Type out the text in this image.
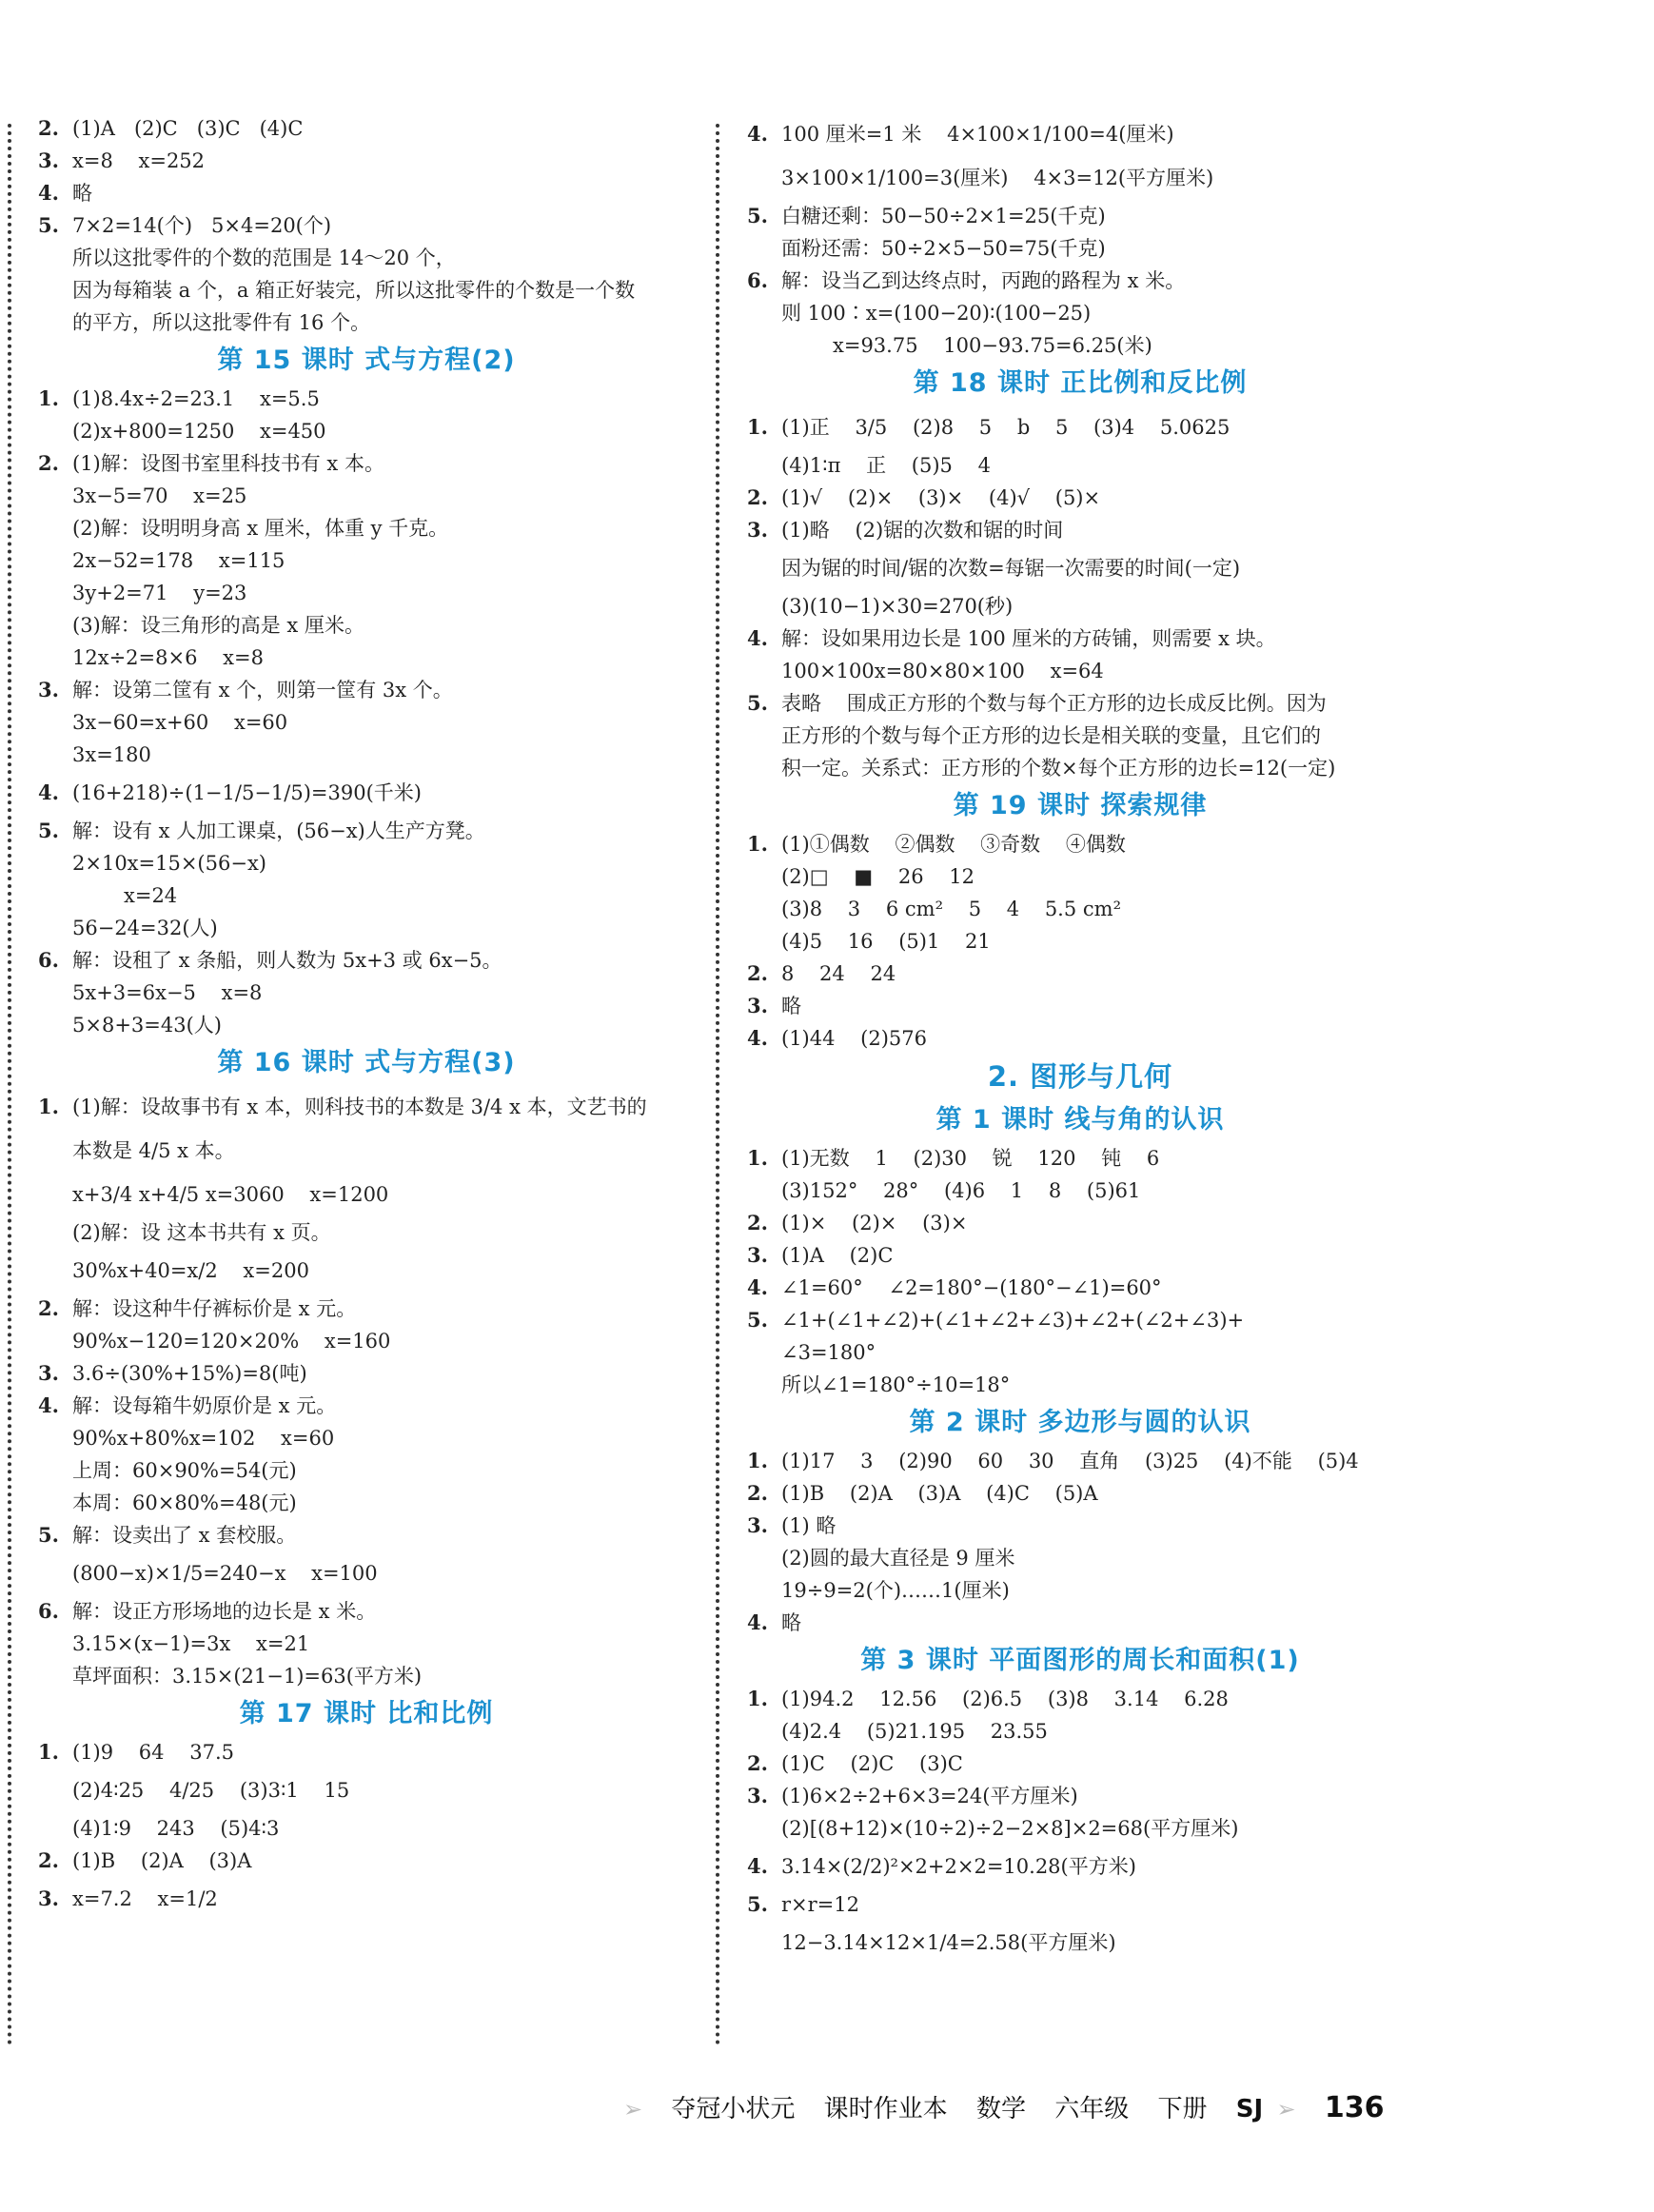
2. (1)A   (2)C   (3)C   (4)C
3. x=8    x=252
4. 略
5. 7×2=14(个)   5×4=20(个)
所以这批零件的个数的范围是 14～20 个，
因为每箱装 a 个，a 箱正好装完，所以这批零件的个数是一个数
的平方，所以这批零件有 16 个。
第 15 课时 式与方程(2)
1. (1)8.4x÷2=23.1    x=5.5
(2)x+800=1250    x=450
2. (1)解：设图书室里科技书有 x 本。
3x−5=70    x=25
(2)解：设明明身高 x 厘米，体重 y 千克。
2x−52=178    x=115
3y+2=71    y=23
(3)解：设三角形的高是 x 厘米。
12x÷2=8×6    x=8
3. 解：设第二筐有 x 个，则第一筐有 3x 个。
3x−60=x+60    x=60
3x=180
4. (16+218)÷(1−1/5−1/5)=390(千米)
5. 解：设有 x 人加工课桌，(56−x)人生产方凳。
2×10x=15×(56−x)
x=24
56−24=32(人)
6. 解：设租了 x 条船，则人数为 5x+3 或 6x−5。
5x+3=6x−5    x=8
5×8+3=43(人)
第 16 课时 式与方程(3)
1. (1)解：设故事书有 x 本，则科技书的本数是 3/4 x 本，文艺书的
本数是 4/5 x 本。
x+3/4 x+4/5 x=3060    x=1200
(2)解：设 这本书共有 x 页。
30%x+40=x/2    x=200
2. 解：设这种牛仔裤标价是 x 元。
90%x−120=120×20%    x=160
3. 3.6÷(30%+15%)=8(吨)
4. 解：设每箱牛奶原价是 x 元。
90%x+80%x=102    x=60
上周：60×90%=54(元)
本周：60×80%=48(元)
5. 解：设卖出了 x 套校服。
(800−x)×1/5=240−x    x=100
6. 解：设正方形场地的边长是 x 米。
3.15×(x−1)=3x    x=21
草坪面积：3.15×(21−1)=63(平方米)
第 17 课时 比和比例
1. (1)9    64    37.5
(2)4∶25    4/25    (3)3∶1    15
(4)1∶9    243    (5)4∶3
2. (1)B    (2)A    (3)A
3. x=7.2    x=1/2
4. 100 厘米=1 米    4×100×1/100=4(厘米)
3×100×1/100=3(厘米)    4×3=12(平方厘米)
5. 白糖还剩：50−50÷2×1=25(千克)
面粉还需：50÷2×5−50=75(千克)
6. 解：设当乙到达终点时，丙跑的路程为 x 米。
则 100∶x=(100−20)∶(100−25)
x=93.75    100−93.75=6.25(米)
第 18 课时 正比例和反比例
1. (1)正    3/5    (2)8    5    b    5    (3)4    5.0625
(4)1∶π    正    (5)5    4
2. (1)√    (2)×    (3)×    (4)√    (5)×
3. (1)略    (2)锯的次数和锯的时间
因为锯的时间/锯的次数=每锯一次需要的时间(一定)
(3)(10−1)×30=270(秒)
4. 解：设如果用边长是 100 厘米的方砖铺，则需要 x 块。
100×100x=80×80×100    x=64
5. 表略    围成正方形的个数与每个正方形的边长成反比例。因为
正方形的个数与每个正方形的边长是相关联的变量，且它们的
积一定。关系式：正方形的个数×每个正方形的边长=12(一定)
第 19 课时 探索规律
1. (1)①偶数    ②偶数    ③奇数    ④偶数
(2)□    ■    26    12
(3)8    3    6 cm²    5    4    5.5 cm²
(4)5    16    (5)1    21
2. 8    24    24
3. 略
4. (1)44    (2)576
2. 图形与几何
第 1 课时 线与角的认识
1. (1)无数    1    (2)30    锐    120    钝    6
(3)152°    28°    (4)6    1    8    (5)61
2. (1)×    (2)×    (3)×
3. (1)A    (2)C
4. ∠1=60°    ∠2=180°−(180°−∠1)=60°
5. ∠1+(∠1+∠2)+(∠1+∠2+∠3)+∠2+(∠2+∠3)+
∠3=180°
所以∠1=180°÷10=18°
第 2 课时 多边形与圆的认识
1. (1)17    3    (2)90    60    30    直角    (3)25    (4)不能    (5)4
2. (1)B    (2)A    (3)A    (4)C    (5)A
3. (1) 略
(2)圆的最大直径是 9 厘米
19÷9=2(个)……1(厘米)
4. 略
第 3 课时 平面图形的周长和面积(1)
1. (1)94.2    12.56    (2)6.5    (3)8    3.14    6.28
(4)2.4    (5)21.195    23.55
2. (1)C    (2)C    (3)C
3. (1)6×2÷2+6×3=24(平方厘米)
(2)[(8+12)×(10÷2)÷2−2×8]×2=68(平方厘米)
4. 3.14×(2/2)²×2+2×2=10.28(平方米)
5. r×r=12
12−3.14×12×1/4=2.58(平方厘米)
➢ 夺冠小状元 课时作业本 数学 六年级 下册 SJ ➢ 136
